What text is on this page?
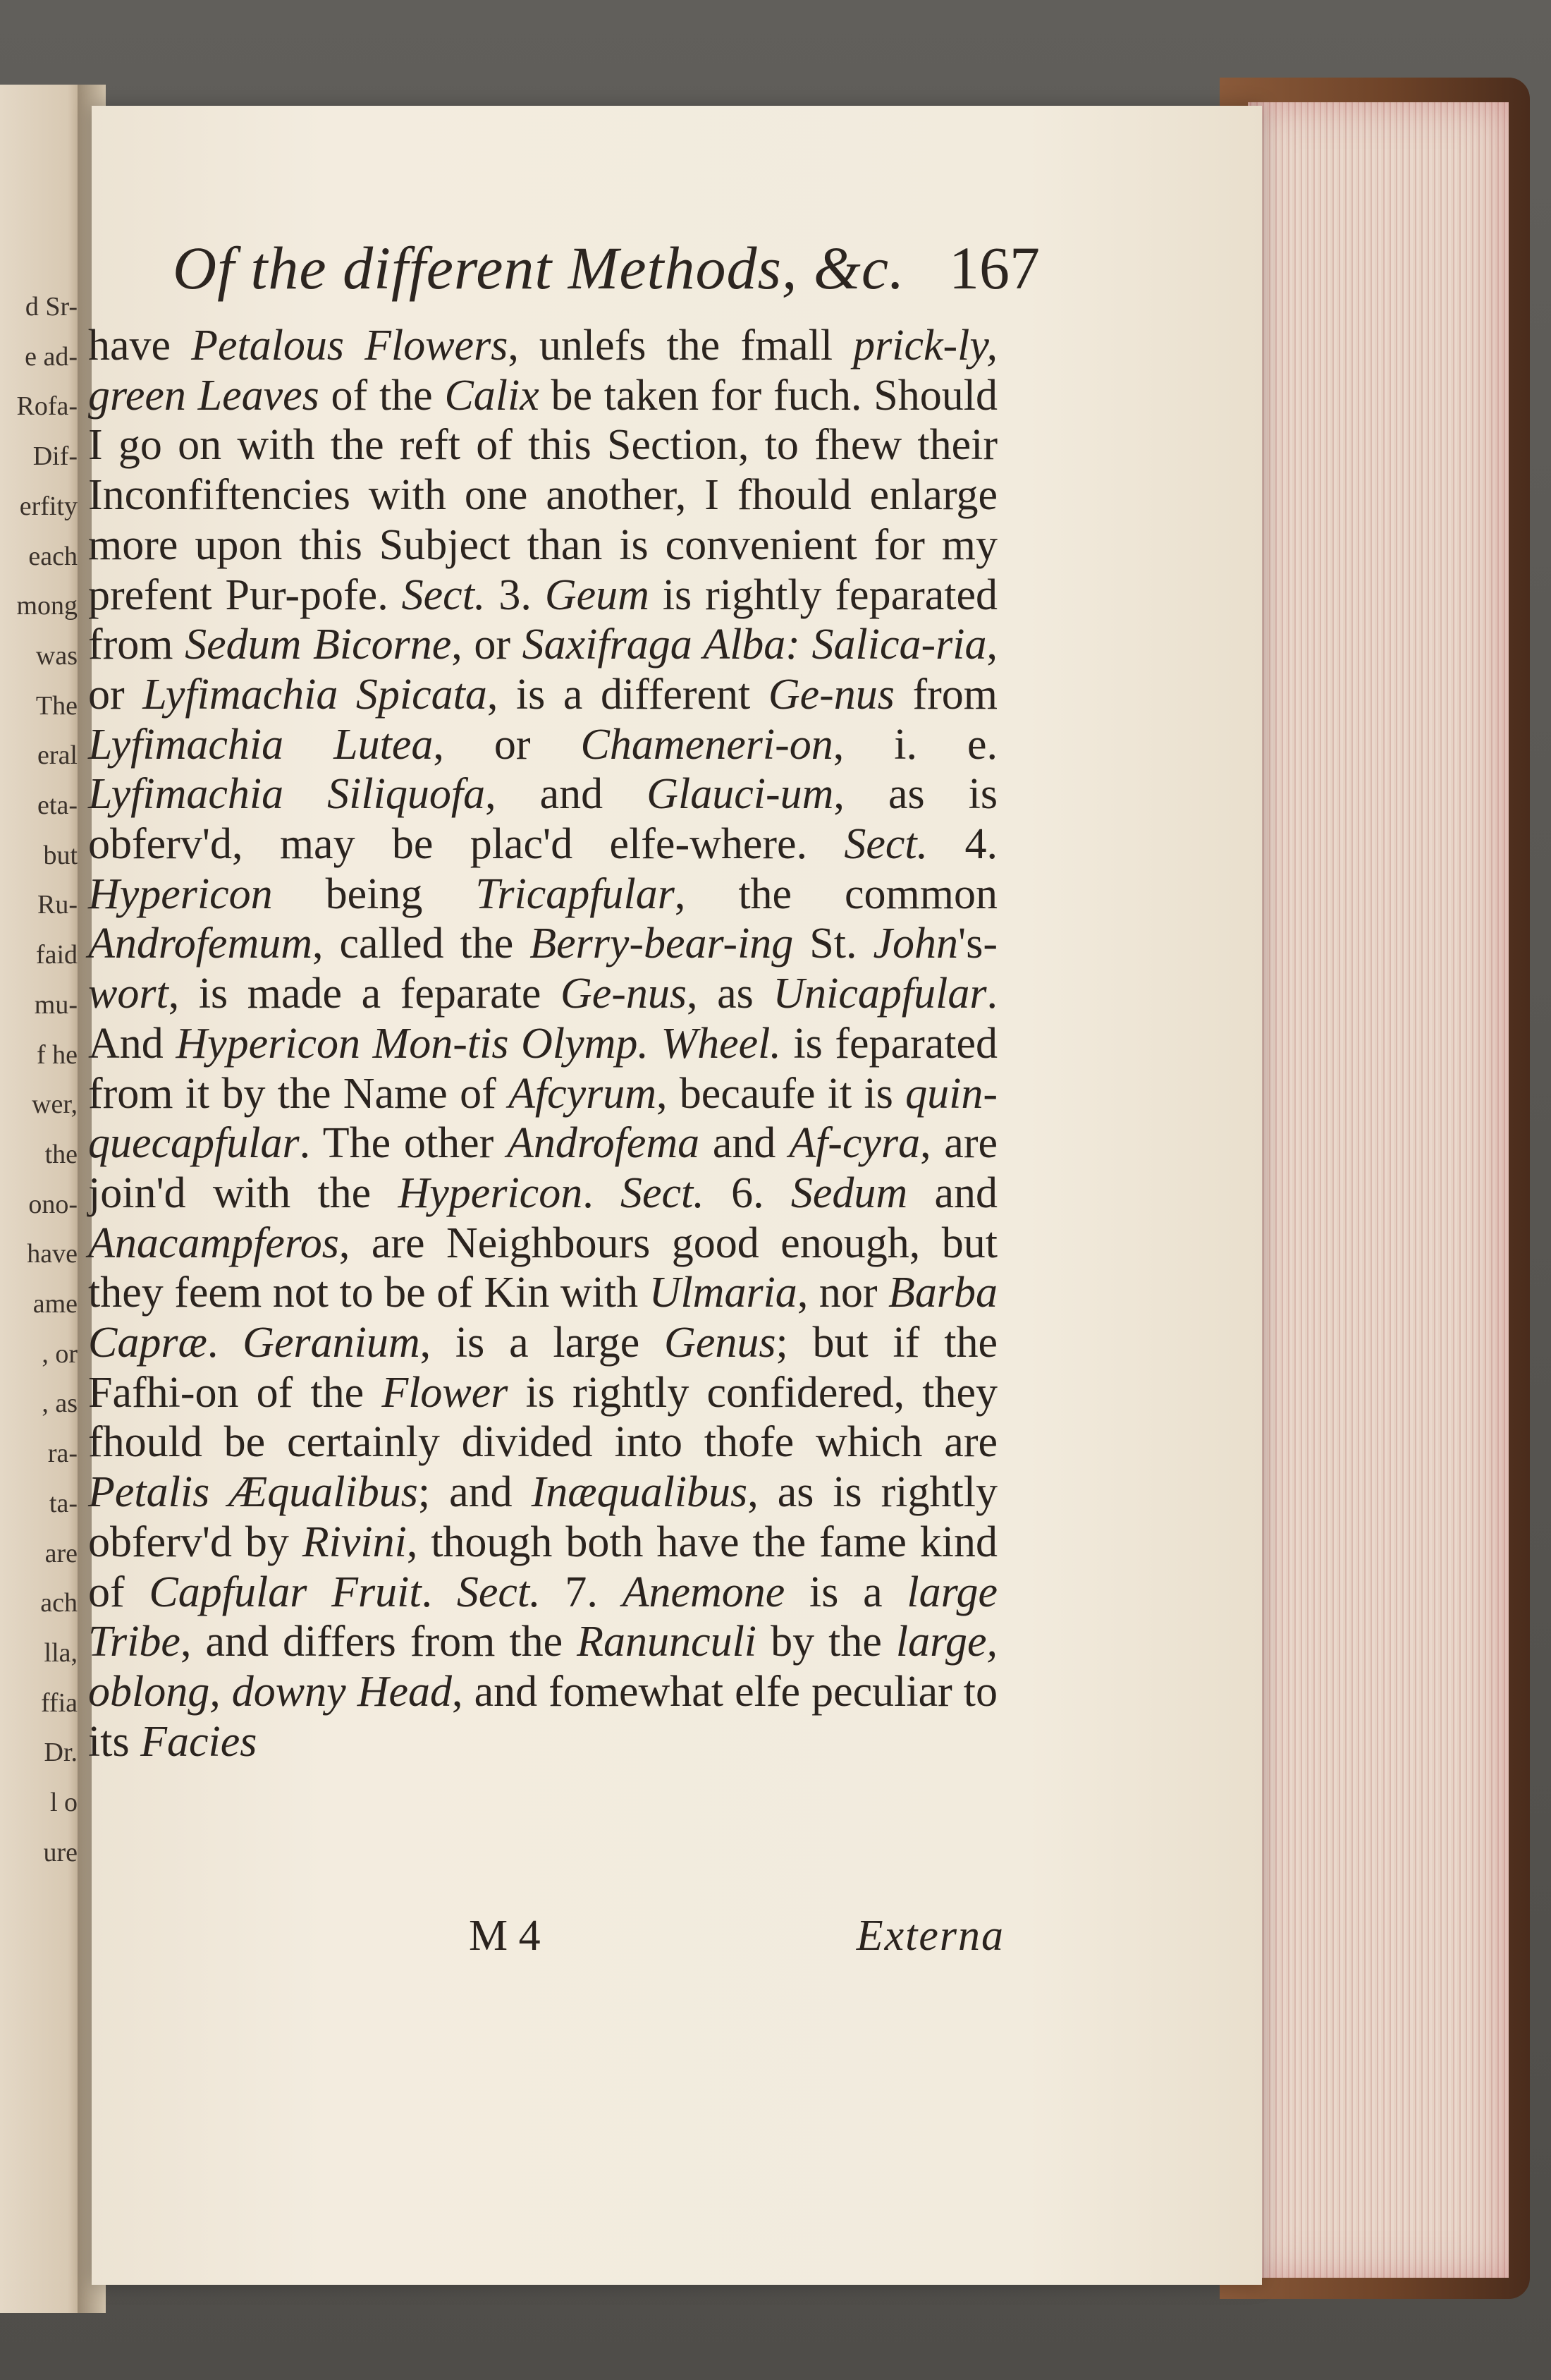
d Sr-
e ad-
Rofa-
Dif-
erfity
each
mong
was
The
eral
eta-
but
Ru-
faid
mu-
f he
wer,
the
ono-
have
ame
, or
, as
ra-
ta-
are
ach
lla,
ffia
Dr.
l o
ure
Of the different Methods, &c. 167
have Petalous Flowers, unlefs the fmall prick-ly, green Leaves of the Calix be taken for fuch. Should I go on with the reft of this Section, to fhew their Inconfiftencies with one another, I fhould enlarge more upon this Subject than is convenient for my prefent Pur-pofe. Sect. 3. Geum is rightly feparated from Sedum Bicorne, or Saxifraga Alba: Salica-ria, or Lyfimachia Spicata, is a different Ge-nus from Lyfimachia Lutea, or Chameneri-on, i. e. Lyfimachia Siliquofa, and Glauci-um, as is obferv'd, may be plac'd elfe-where. Sect. 4. Hypericon being Tricapfular, the common Androfemum, called the Berry-bear-ing St. John's-wort, is made a feparate Ge-nus, as Unicapfular. And Hypericon Mon-tis Olymp. Wheel. is feparated from it by the Name of Afcyrum, becaufe it is quin-quecapfular. The other Androfema and Af-cyra, are join'd with the Hypericon. Sect. 6. Sedum and Anacampferos, are Neighbours good enough, but they feem not to be of Kin with Ulmaria, nor Barba Capræ. Geranium, is a large Genus; but if the Fafhi-on of the Flower is rightly confidered, they fhould be certainly divided into thofe which are Petalis Æqualibus; and Inæqualibus, as is rightly obferv'd by Rivini, though both have the fame kind of Capfular Fruit. Sect. 7. Anemone is a large Tribe, and differs from the Ranunculi by the large, oblong, downy Head, and fomewhat elfe peculiar to its Facies
M 4	Externa
